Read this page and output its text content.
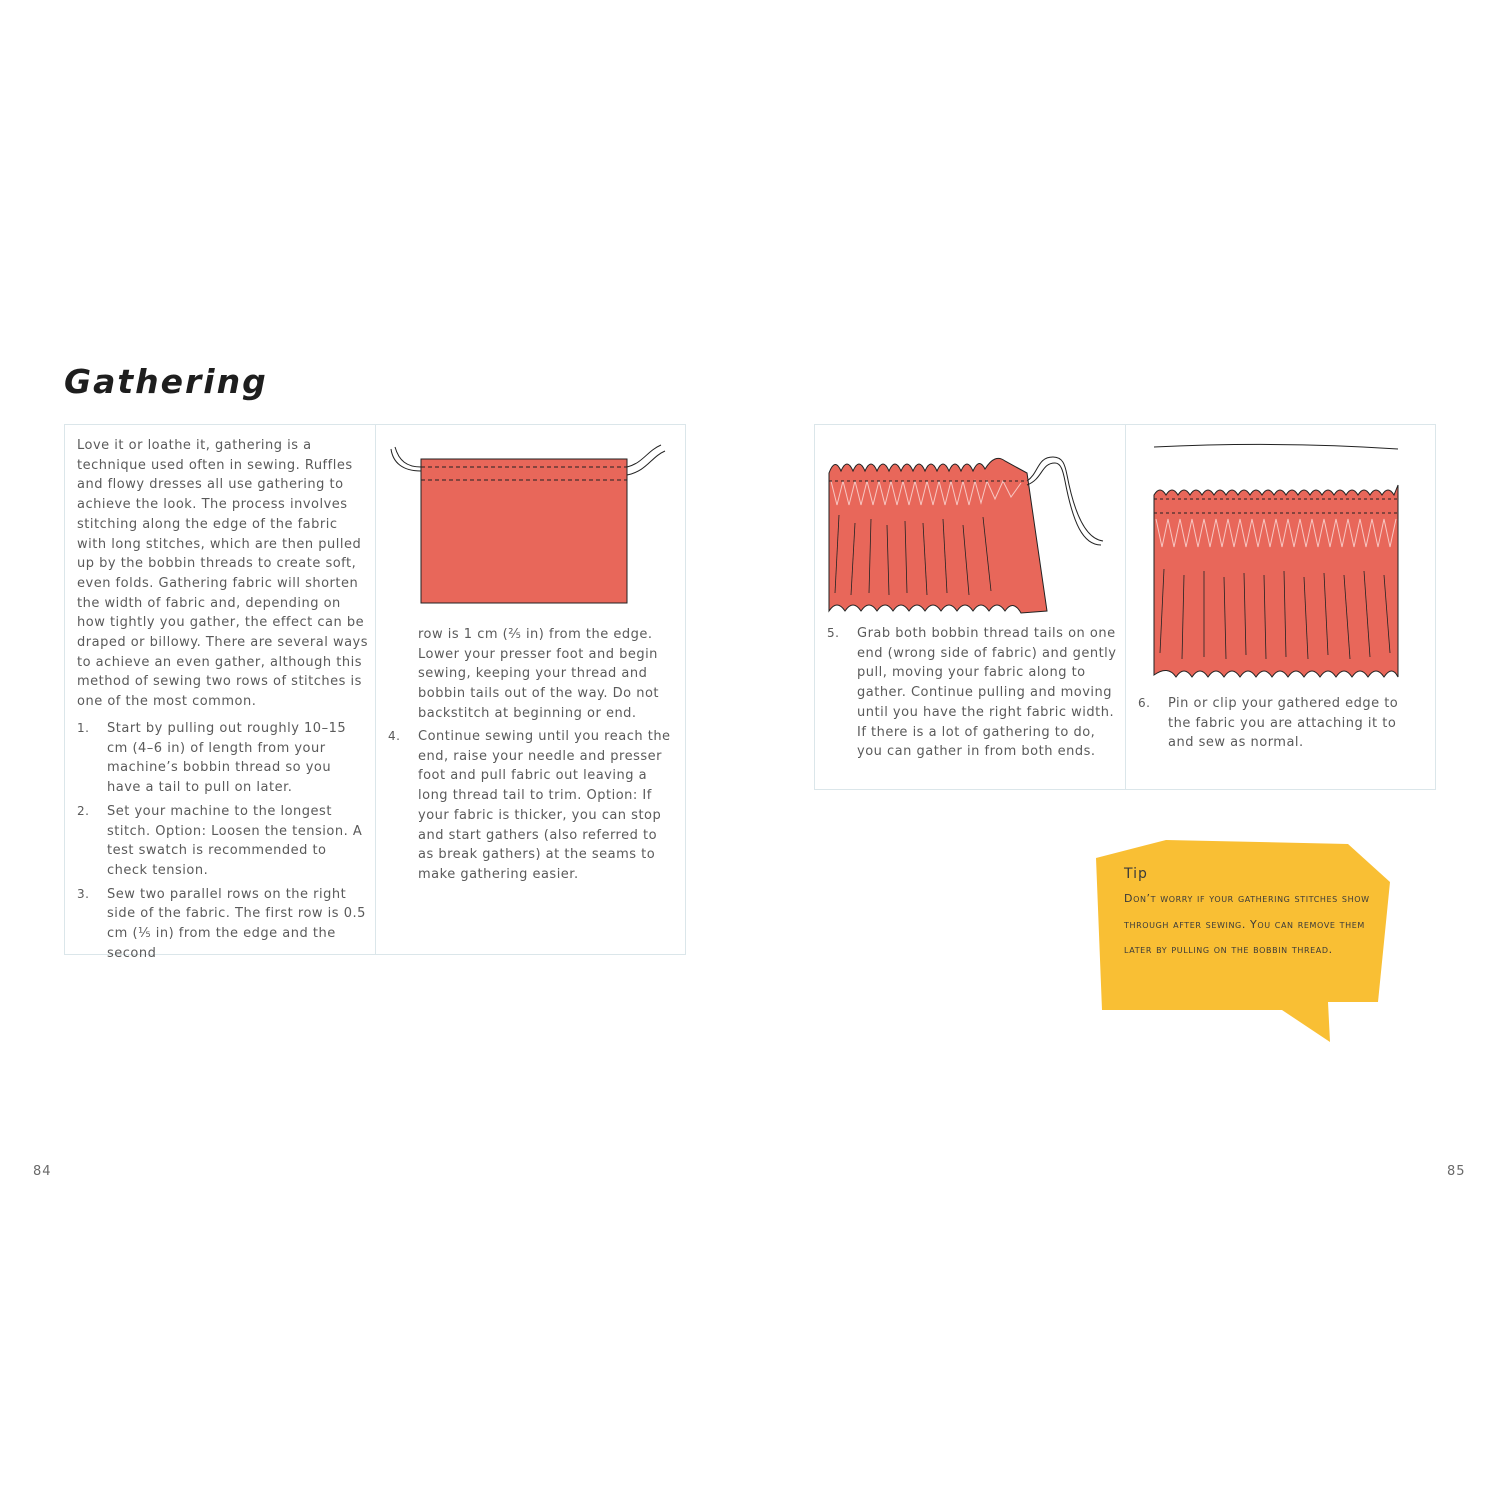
Gathering

Love it or loathe it, gathering is a technique used often in sewing. Ruffles and flowy dresses all use gathering to achieve the look. The process involves stitching along the edge of the fabric with long stitches, which are then pulled up by the bobbin threads to create soft, even folds. Gathering fabric will shorten the width of fabric and, depending on how tightly you gather, the effect can be draped or billowy. There are several ways to achieve an even gather, although this method of sewing two rows of stitches is one of the most common.

1. Start by pulling out roughly 10–15 cm (4–6 in) of length from your machine’s bobbin thread so you have a tail to pull on later.
2. Set your machine to the longest stitch. Option: Loosen the tension. A test swatch is recommended to check tension.
3. Sew two parallel rows on the right side of the fabric. The first row is 0.5 cm (⅕ in) from the edge and the second

row is 1 cm (⅖ in) from the edge. Lower your presser foot and begin sewing, keeping your thread and bobbin tails out of the way. Do not backstitch at beginning or end.

4. Continue sewing until you reach the end, raise your needle and presser foot and pull fabric out leaving a long thread tail to trim. Option: If your fabric is thicker, you can stop and start gathers (also referred to as break gathers) at the seams to make gathering easier.
5. Grab both bobbin thread tails on one end (wrong side of fabric) and gently pull, moving your fabric along to gather. Continue pulling and moving until you have the right fabric width. If there is a lot of gathering to do, you can gather in from both ends.
6. Pin or clip your gathered edge to the fabric you are attaching it to and sew as normal.

Tip

Don’t worry if your gathering stitches show through after sewing. You can remove them later by pulling on the bobbin thread.

84	85
